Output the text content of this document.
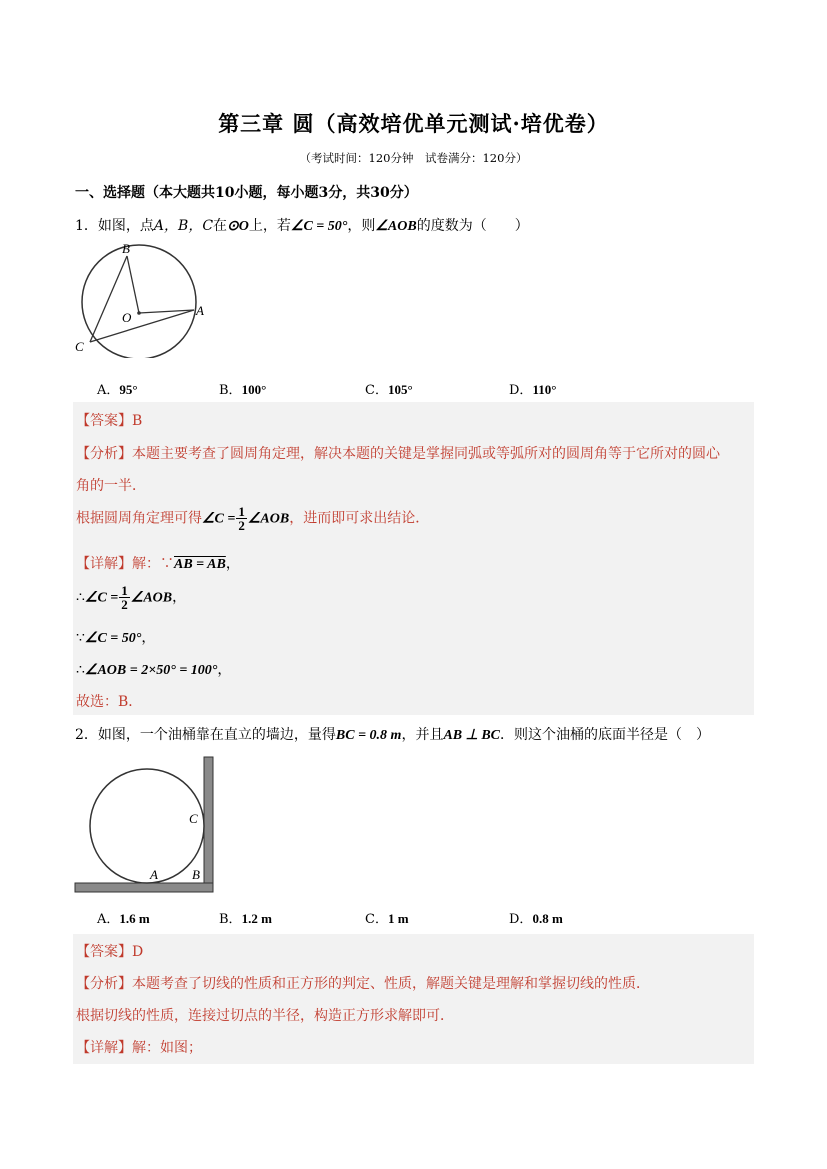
第三章 圆（高效培优单元测试·培优卷）
（考试时间：120分钟　试卷满分：120分）
一、选择题（本大题共10小题，每小题3分，共30分）
1．如图，点A，B，C在⊙O上，若∠C = 50°，则∠AOB的度数为（　　）
B
O	A
C
A．95°	B．100°	C．105°	D．110°
【答案】B
【分析】本题主要考查了圆周角定理，解决本题的关键是掌握同弧或等弧所对的圆周角等于它所对的圆心
角的一半．
根据圆周角定理可得∠C = $\frac{1}{2}$ ∠AOB，进而即可求出结论．
【详解】解：∵AB = AB，
∴∠C = $\frac{1}{2}$ ∠AOB，
∵∠C = 50°，
∴∠AOB = 2×50° = 100°，
故选：B．
2．如图，一个油桶靠在直立的墙边，量得BC = 0.8 m，并且AB ⊥ BC．则这个油桶的底面半径是（　）
C
A	B
A．1.6 m	B．1.2 m	C．1 m	D．0.8 m
【答案】D
【分析】本题考查了切线的性质和正方形的判定、性质，解题关键是理解和掌握切线的性质．
根据切线的性质，连接过切点的半径，构造正方形求解即可．
【详解】解：如图；
